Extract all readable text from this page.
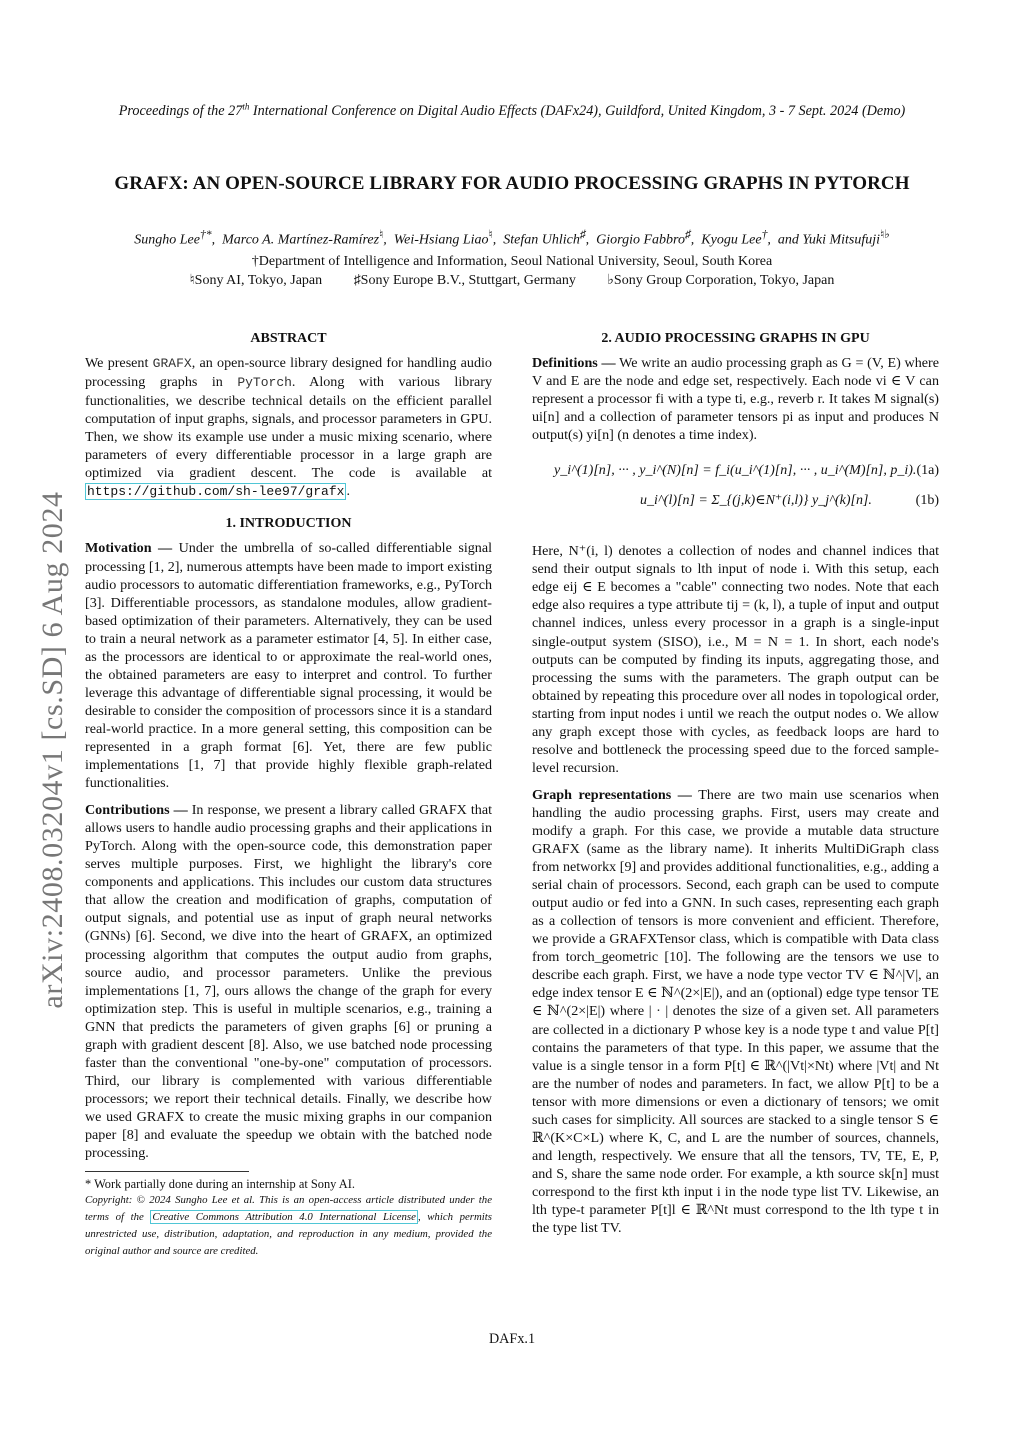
Proceedings of the 27th International Conference on Digital Audio Effects (DAFx24), Guildford, United Kingdom, 3 - 7 Sept. 2024 (Demo)
GRAFX: AN OPEN-SOURCE LIBRARY FOR AUDIO PROCESSING GRAPHS IN PYTORCH
Sungho Lee†*,  Marco A. Martínez-Ramírez♮,  Wei-Hsiang Liao♮,  Stefan Uhlich♯,  Giorgio Fabbro♯,  Kyogu Lee†,  and Yuki Mitsufuji♮♭
†Department of Intelligence and Information, Seoul National University, Seoul, South Korea
♮Sony AI, Tokyo, Japan ♯Sony Europe B.V., Stuttgart, Germany ♭Sony Group Corporation, Tokyo, Japan
arXiv:2408.03204v1 [cs.SD] 6 Aug 2024
ABSTRACT

We present GRAFX, an open-source library designed for handling audio processing graphs in PyTorch. Along with various library functionalities, we describe technical details on the efficient parallel computation of input graphs, signals, and processor parameters in GPU. Then, we show its example use under a music mixing scenario, where parameters of every differentiable processor in a large graph are optimized via gradient descent. The code is available at https://github.com/sh-lee97/grafx .

1. INTRODUCTION

Motivation — Under the umbrella of so-called differentiable signal processing [1, 2], numerous attempts have been made to import existing audio processors to automatic differentiation frameworks, e.g., PyTorch [3]. Differentiable processors, as standalone modules, allow gradient-based optimization of their parameters. Alternatively, they can be used to train a neural network as a parameter estimator [4, 5]. In either case, as the processors are identical to or approximate the real-world ones, the obtained parameters are easy to interpret and control. To further leverage this advantage of differentiable signal processing, it would be desirable to consider the composition of processors since it is a standard real-world practice. In a more general setting, this composition can be represented in a graph format [6]. Yet, there are few public implementations [1, 7] that provide highly flexible graph-related functionalities.

Contributions — In response, we present a library called GRAFX that allows users to handle audio processing graphs and their applications in PyTorch. Along with the open-source code, this demonstration paper serves multiple purposes. First, we highlight the library's core components and applications. This includes our custom data structures that allow the creation and modification of graphs, computation of output signals, and potential use as input of graph neural networks (GNNs) [6]. Second, we dive into the heart of GRAFX, an optimized processing algorithm that computes the output audio from graphs, source audio, and processor parameters. Unlike the previous implementations [1, 7], ours allows the change of the graph for every optimization step. This is useful in multiple scenarios, e.g., training a GNN that predicts the parameters of given graphs [6] or pruning a graph with gradient descent [8]. Also, we use batched node processing faster than the conventional "one-by-one" computation of processors. Third, our library is complemented with various differentiable processors; we report their technical details. Finally, we describe how we used GRAFX to create the music mixing graphs in our companion paper [8] and evaluate the speedup we obtain with the batched node processing.

* Work partially done during an internship at Sony AI.
Copyright: © 2024 Sungho Lee et al. This is an open-access article distributed under the terms of the Creative Commons Attribution 4.0 International License , which permits unrestricted use, distribution, adaptation, and reproduction in any medium, provided the original author and source are credited.
2. AUDIO PROCESSING GRAPHS IN GPU

Definitions — We write an audio processing graph as G = (V, E) where V and E are the node and edge set, respectively. Each node vi ∈ V can represent a processor fi with a type ti, e.g., reverb r. It takes M signal(s) ui[n] and a collection of parameter tensors pi as input and produces N output(s) yi[n] (n denotes a time index).

y_i^(1)[n], ··· , y_i^(N)[n] = f_i(u_i^(1)[n], ··· , u_i^(M)[n], p_i). (1a)
u_i^(l)[n] = Σ_{(j,k)∈N⁺(i,l)} y_j^(k)[n].	(1b)

Here, N⁺(i, l) denotes a collection of nodes and channel indices that send their output signals to lth input of node i. With this setup, each edge eij ∈ E becomes a "cable" connecting two nodes. Note that each edge also requires a type attribute tij = (k, l), a tuple of input and output channel indices, unless every processor in a graph is a single-input single-output system (SISO), i.e., M = N = 1. In short, each node's outputs can be computed by finding its inputs, aggregating those, and processing the sums with the parameters. The graph output can be obtained by repeating this procedure over all nodes in topological order, starting from input nodes i until we reach the output nodes o. We allow any graph except those with cycles, as feedback loops are hard to resolve and bottleneck the processing speed due to the forced sample-level recursion.

Graph representations — There are two main use scenarios when handling the audio processing graphs. First, users may create and modify a graph. For this case, we provide a mutable data structure GRAFX (same as the library name). It inherits MultiDiGraph class from networkx [9] and provides additional functionalities, e.g., adding a serial chain of processors. Second, each graph can be used to compute output audio or fed into a GNN. In such cases, representing each graph as a collection of tensors is more convenient and efficient. Therefore, we provide a GRAFXTensor class, which is compatible with Data class from torch_geometric [10]. The following are the tensors we use to describe each graph. First, we have a node type vector TV ∈ ℕ^|V|, an edge index tensor E ∈ ℕ^(2×|E|), and an (optional) edge type tensor TE ∈ ℕ^(2×|E|) where | · | denotes the size of a given set. All parameters are collected in a dictionary P whose key is a node type t and value P[t] contains the parameters of that type. In this paper, we assume that the value is a single tensor in a form P[t] ∈ ℝ^(|Vt|×Nt) where |Vt| and Nt are the number of nodes and parameters. In fact, we allow P[t] to be a tensor with more dimensions or even a dictionary of tensors; we omit such cases for simplicity. All sources are stacked to a single tensor S ∈ ℝ^(K×C×L) where K, C, and L are the number of sources, channels, and length, respectively. We ensure that all the tensors, TV, TE, E, P, and S, share the same node order. For example, a kth source sk[n] must correspond to the first kth input i in the node type list TV. Likewise, an lth type-t parameter P[t]l ∈ ℝ^Nt must correspond to the lth type t in the type list TV.

DAFx.1
